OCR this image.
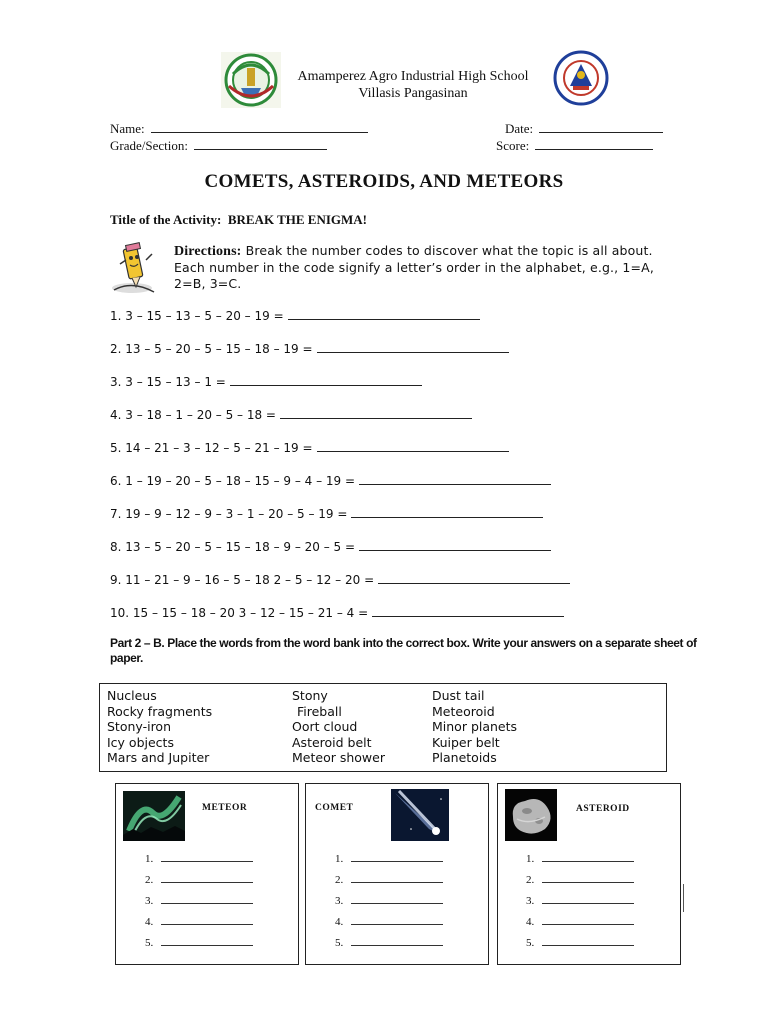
Amamperez Agro Industrial High School
Villasis Pangasinan
Name:	Date:
Grade/Section:	Score:
COMETS, ASTEROIDS, AND METEORS
Title of the Activity: BREAK THE ENIGMA!
Directions: Break the number codes to discover what the topic is all about. Each number in the code signify a letter’s order in the alphabet, e.g., 1=A, 2=B, 3=C.
1. 3 – 15 – 13 – 5 – 20 – 19 =
2. 13 – 5 – 20 – 5 – 15 – 18 – 19 =
3. 3 – 15 – 13 – 1 =
4. 3 – 18 – 1 – 20 – 5 – 18 =
5. 14 – 21 – 3 – 12 – 5 – 21 – 19 =
6. 1 – 19 – 20 – 5 – 18 – 15 – 9 – 4 – 19 =
7. 19 – 9 – 12 – 9 – 3 – 1 – 20 – 5 – 19 =
8. 13 – 5 – 20 – 5 – 15 – 18 – 9 – 20 – 5 =
9. 11 – 21 – 9 – 16 – 5 – 18 2 – 5 – 12 – 20 =
10. 15 – 15 – 18 – 20 3 – 12 – 15 – 21 – 4 =
Part 2 – B. Place the words from the word bank into the correct box. Write your answers on a separate sheet of paper.
Nucleus
Rocky fragments
Stony-iron
Icy objects
Mars and Jupiter
Stony
Fireball
Oort cloud
Asteroid belt
Meteor shower
Dust tail
Meteoroid
Minor planets
Kuiper belt
Planetoids
METEOR
1.
2.
3.
4.
5.
COMET
1.
2.
3.
4.
5.
ASTEROID
1.
2.
3.
4.
5.
